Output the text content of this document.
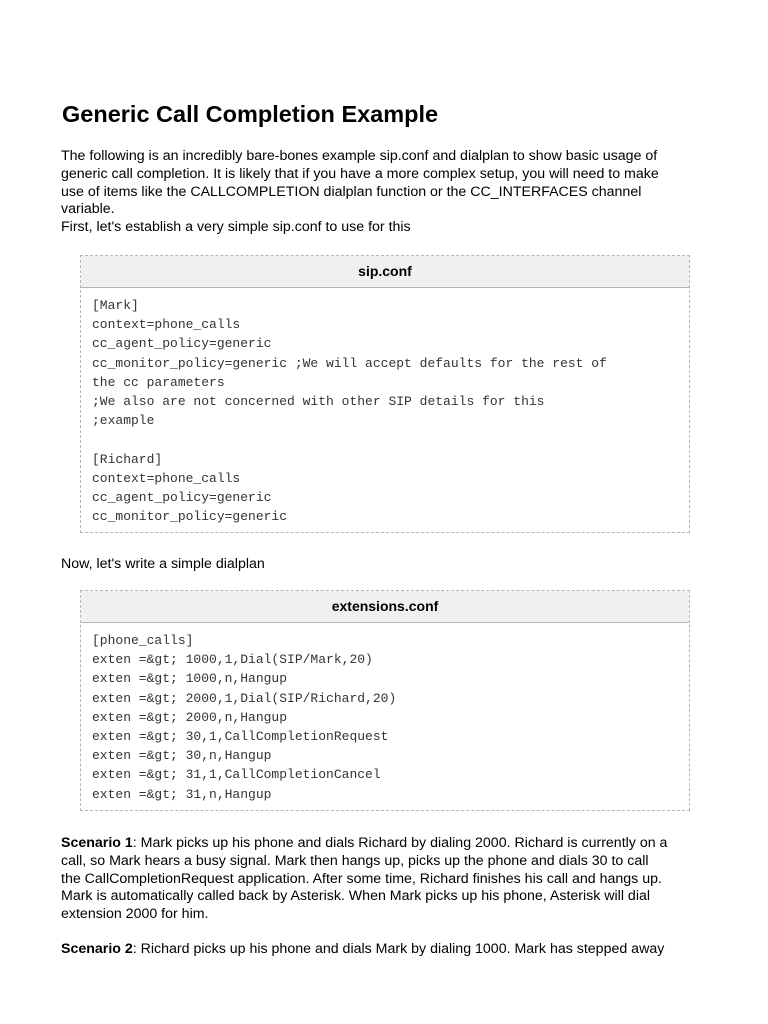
Generic Call Completion Example
The following is an incredibly bare-bones example sip.conf and dialplan to show basic usage of
generic call completion. It is likely that if you have a more complex setup, you will need to make
use of items like the CALLCOMPLETION dialplan function or the CC_INTERFACES channel
variable.
First, let's establish a very simple sip.conf to use for this
sip.conf
[Mark]
context=phone_calls
cc_agent_policy=generic
cc_monitor_policy=generic ;We will accept defaults for the rest of
the cc parameters
;We also are not concerned with other SIP details for this
;example
[Richard]
context=phone_calls
cc_agent_policy=generic
cc_monitor_policy=generic
Now, let's write a simple dialplan
extensions.conf
[phone_calls]
exten =&gt; 1000,1,Dial(SIP/Mark,20)
exten =&gt; 1000,n,Hangup
exten =&gt; 2000,1,Dial(SIP/Richard,20)
exten =&gt; 2000,n,Hangup
exten =&gt; 30,1,CallCompletionRequest
exten =&gt; 30,n,Hangup
exten =&gt; 31,1,CallCompletionCancel
exten =&gt; 31,n,Hangup
Scenario 1: Mark picks up his phone and dials Richard by dialing 2000. Richard is currently on a
call, so Mark hears a busy signal. Mark then hangs up, picks up the phone and dials 30 to call
the CallCompletionRequest application. After some time, Richard finishes his call and hangs up.
Mark is automatically called back by Asterisk. When Mark picks up his phone, Asterisk will dial
extension 2000 for him.
Scenario 2: Richard picks up his phone and dials Mark by dialing 1000. Mark has stepped away
